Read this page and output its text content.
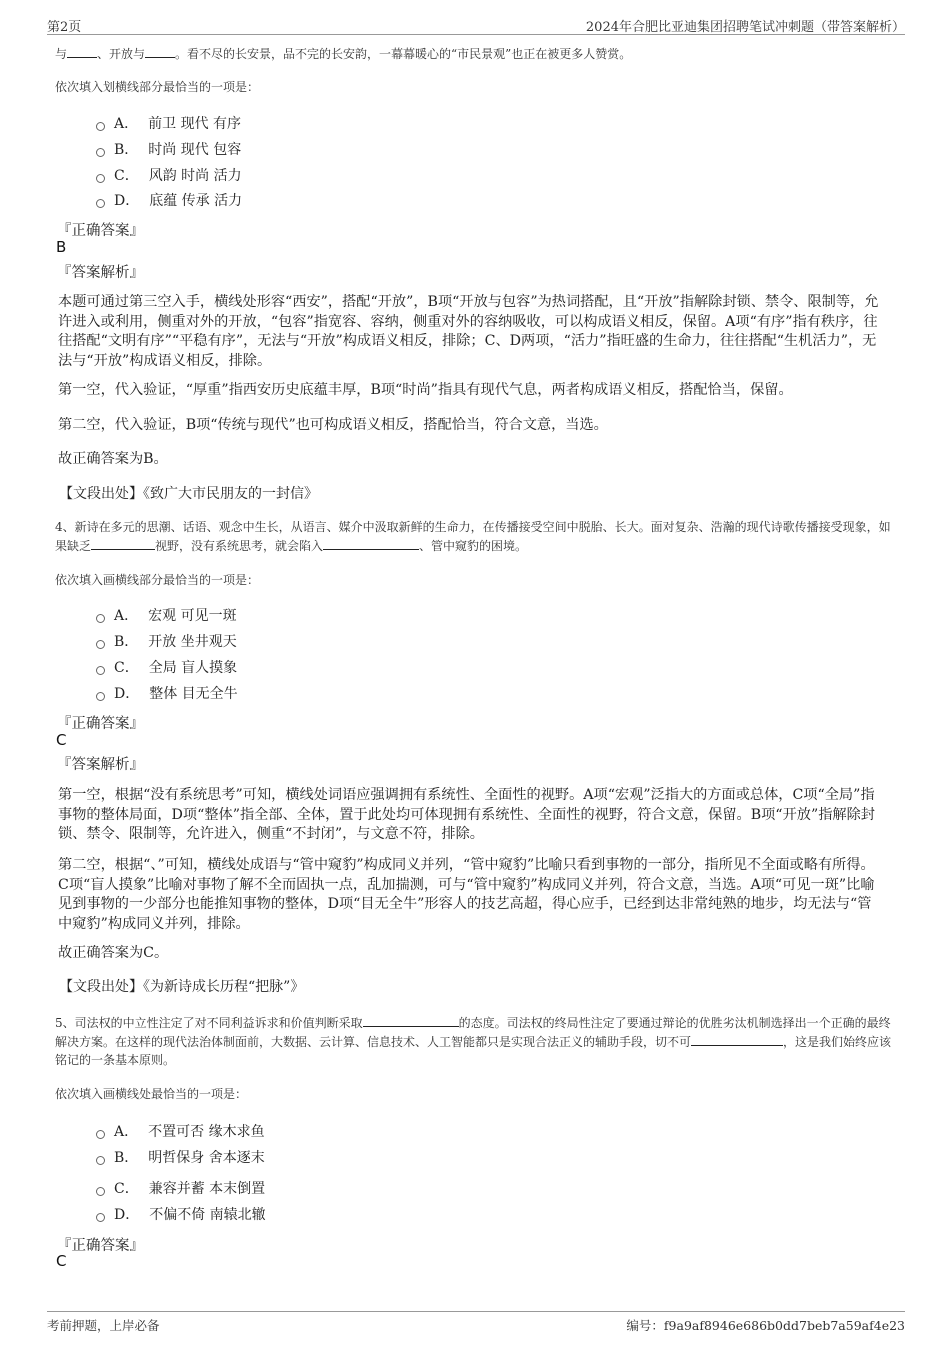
第2页	2024年合肥比亚迪集团招聘笔试冲刺题（带答案解析）

与	、开放与	。看不尽的长安景，品不完的长安韵，一幕幕暖心的“市民景观”也正在被更多人赞赏。

依次填入划横线部分最恰当的一项是：

A． 前卫 现代 有序
B． 时尚 现代 包容
C． 风韵 时尚 活力
D． 底蕴 传承 活力
『正确答案』
B
『答案解析』

本题可通过第三空入手，横线处形容“西安”，搭配“开放”，B项“开放与包容”为热词搭配，且“开放”指解除封锁、禁令、限制等，允许进入或利用，侧重对外的开放，“包容”指宽容、容纳，侧重对外的容纳吸收，可以构成语义相反，保留。A项“有序”指有秩序，往往搭配“文明有序”“平稳有序”，无法与“开放”构成语义相反，排除；C、D两项，“活力”指旺盛的生命力，往往搭配“生机活力”，无法与“开放”构成语义相反，排除。

第一空，代入验证，“厚重”指西安历史底蕴丰厚，B项“时尚”指具有现代气息，两者构成语义相反，搭配恰当，保留。

第二空，代入验证，B项“传统与现代”也可构成语义相反，搭配恰当，符合文意，当选。

故正确答案为B。

【文段出处】《致广大市民朋友的一封信》

4、新诗在多元的思潮、话语、观念中生长，从语言、媒介中汲取新鲜的生命力，在传播接受空间中脱胎、长大。面对复杂、浩瀚的现代诗歌传播接受现象，如果缺乏	视野，没有系统思考，就会陷入	、管中窥豹的困境。

依次填入画横线部分最恰当的一项是：

A． 宏观 可见一斑
B． 开放 坐井观天
C． 全局 盲人摸象
D． 整体 目无全牛
『正确答案』
C
『答案解析』

第一空，根据“没有系统思考”可知，横线处词语应强调拥有系统性、全面性的视野。A项“宏观”泛指大的方面或总体，C项“全局”指事物的整体局面，D项“整体”指全部、全体，置于此处均可体现拥有系统性、全面性的视野，符合文意，保留。B项“开放”指解除封锁、禁令、限制等，允许进入，侧重“不封闭”，与文意不符，排除。

第二空，根据“、”可知，横线处成语与“管中窥豹”构成同义并列，“管中窥豹”比喻只看到事物的一部分，指所见不全面或略有所得。C项“盲人摸象”比喻对事物了解不全而固执一点，乱加揣测，可与“管中窥豹”构成同义并列，符合文意，当选。A项“可见一斑”比喻见到事物的一少部分也能推知事物的整体，D项“目无全牛”形容人的技艺高超，得心应手，已经到达非常纯熟的地步，均无法与“管中窥豹”构成同义并列，排除。

故正确答案为C。

【文段出处】《为新诗成长历程“把脉”》

5、司法权的中立性注定了对不同利益诉求和价值判断采取	的态度。司法权的终局性注定了要通过辩论的优胜劣汰机制选择出一个正确的最终解决方案。在这样的现代法治体制面前，大数据、云计算、信息技术、人工智能都只是实现合法正义的辅助手段，切不可	，这是我们始终应该铭记的一条基本原则。

依次填入画横线处最恰当的一项是：

A． 不置可否 缘木求鱼
B． 明哲保身 舍本逐末
C． 兼容并蓄 本末倒置
D． 不偏不倚 南辕北辙
『正确答案』
C
考前押题，上岸必备	编号：f9a9af8946e686b0dd7beb7a59af4e23
